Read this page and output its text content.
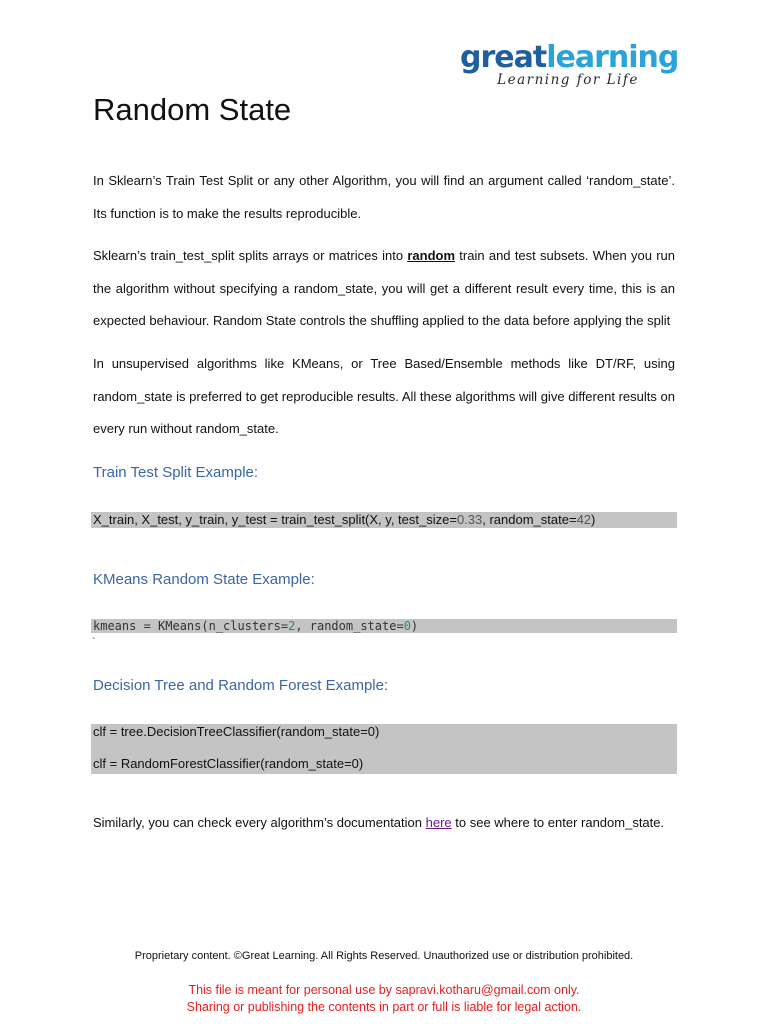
greatlearning
Learning for Life
Random State
In Sklearn’s Train Test Split or any other Algorithm, you will find an argument called ‘random_state’. Its function is to make the results reproducible.
Sklearn’s train_test_split splits arrays or matrices into random train and test subsets. When you run the algorithm without specifying a random_state, you will get a different result every time, this is an expected behaviour. Random State controls the shuffling applied to the data before applying the split
In unsupervised algorithms like KMeans, or Tree Based/Ensemble methods like DT/RF, using random_state is preferred to get reproducible results. All these algorithms will give different results on every run without random_state.
Train Test Split Example:
X_train, X_test, y_train, y_test = train_test_split(X, y, test_size=0.33, random_state=42)
KMeans Random State Example:
kmeans = KMeans(n_clusters=2, random_state=0)
`
Decision Tree and Random Forest Example:
clf = tree.DecisionTreeClassifier(random_state=0)
clf = RandomForestClassifier(random_state=0)
Similarly, you can check every algorithm’s documentation here to see where to enter random_state.
Proprietary content. ©Great Learning. All Rights Reserved. Unauthorized use or distribution prohibited.
This file is meant for personal use by sapravi.kotharu@gmail.com only.
Sharing or publishing the contents in part or full is liable for legal action.
